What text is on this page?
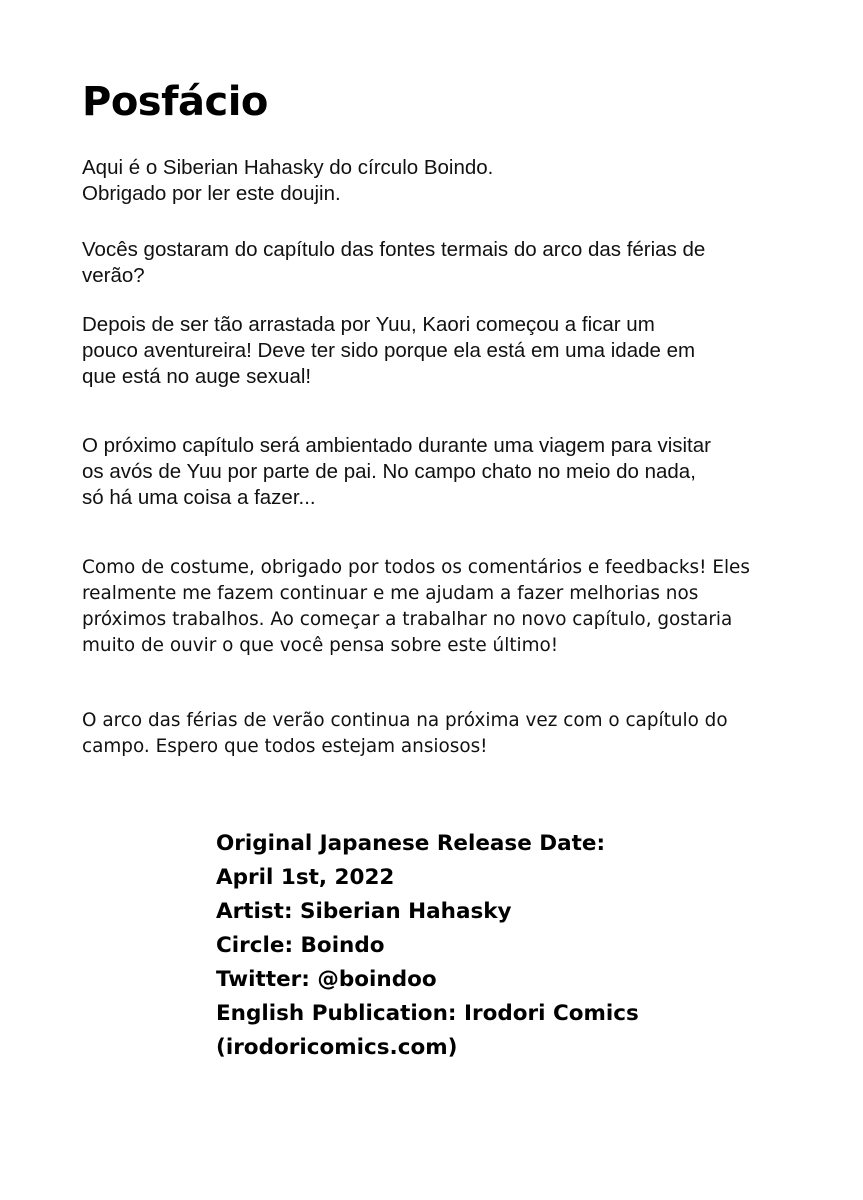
Posfácio

Aqui é o Siberian Hahasky do círculo Boindo.
Obrigado por ler este doujin.

Vocês gostaram do capítulo das fontes termais do arco das férias de
verão?

Depois de ser tão arrastada por Yuu, Kaori começou a ficar um
pouco aventureira! Deve ter sido porque ela está em uma idade em
que está no auge sexual!

O próximo capítulo será ambientado durante uma viagem para visitar
os avós de Yuu por parte de pai. No campo chato no meio do nada,
só há uma coisa a fazer...

Como de costume, obrigado por todos os comentários e feedbacks! Eles
realmente me fazem continuar e me ajudam a fazer melhorias nos
próximos trabalhos. Ao começar a trabalhar no novo capítulo, gostaria
muito de ouvir o que você pensa sobre este último!

O arco das férias de verão continua na próxima vez com o capítulo do
campo. Espero que todos estejam ansiosos!

Original Japanese Release Date:
April 1st, 2022
Artist: Siberian Hahasky
Circle: Boindo
Twitter: @boindoo
English Publication: Irodori Comics
(irodoricomics.com)
